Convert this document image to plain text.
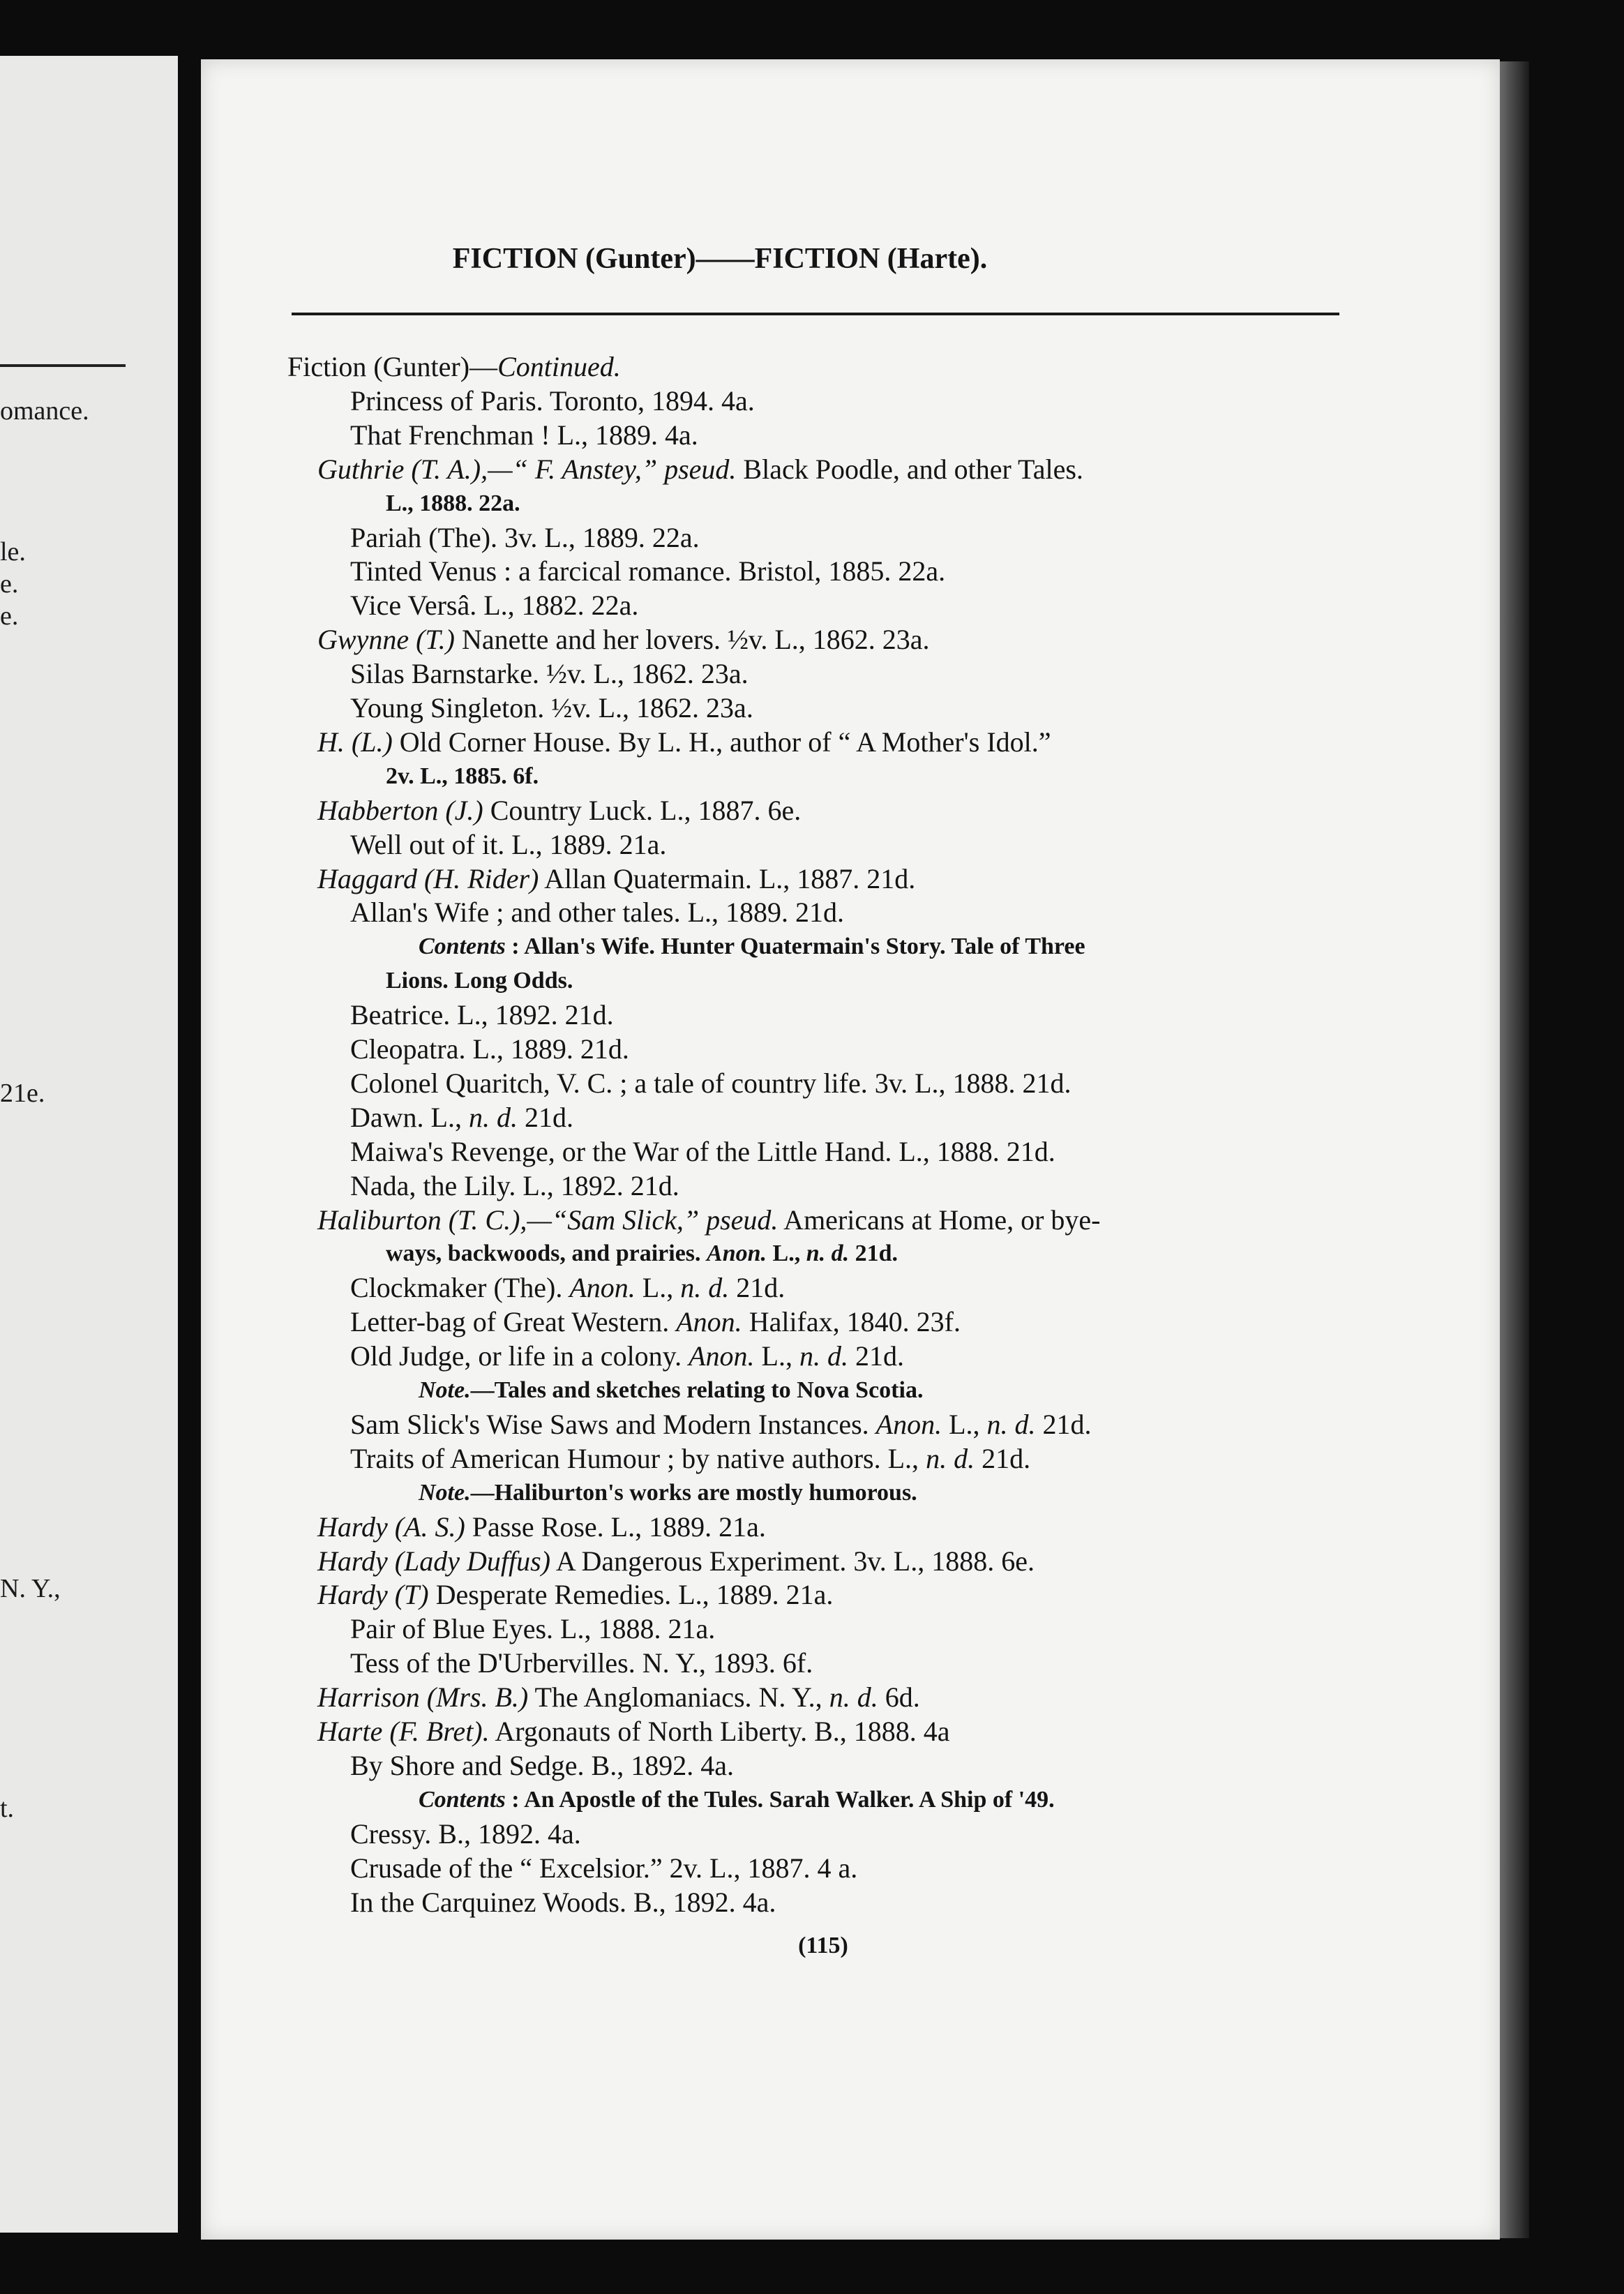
omance.
le.
e.
e.
21e.
N. Y.,
t.
FICTION (Gunter)——FICTION (Harte).
Fiction (Gunter)—Continued.
Princess of Paris. Toronto, 1894. 4a.
That Frenchman ! L., 1889. 4a.
Guthrie (T. A.),—“ F. Anstey,” pseud. Black Poodle, and other Tales.
L., 1888. 22a.
Pariah (The). 3v. L., 1889. 22a.
Tinted Venus : a farcical romance. Bristol, 1885. 22a.
Vice Versâ. L., 1882. 22a.
Gwynne (T.) Nanette and her lovers. ½v. L., 1862. 23a.
Silas Barnstarke. ½v. L., 1862. 23a.
Young Singleton. ½v. L., 1862. 23a.
H. (L.) Old Corner House. By L. H., author of “ A Mother's Idol.”
2v. L., 1885. 6f.
Habberton (J.) Country Luck. L., 1887. 6e.
Well out of it. L., 1889. 21a.
Haggard (H. Rider) Allan Quatermain. L., 1887. 21d.
Allan's Wife ; and other tales. L., 1889. 21d.
Contents : Allan's Wife. Hunter Quatermain's Story. Tale of Three
Lions. Long Odds.
Beatrice. L., 1892. 21d.
Cleopatra. L., 1889. 21d.
Colonel Quaritch, V. C. ; a tale of country life. 3v. L., 1888. 21d.
Dawn. L., n. d. 21d.
Maiwa's Revenge, or the War of the Little Hand. L., 1888. 21d.
Nada, the Lily. L., 1892. 21d.
Haliburton (T. C.),—“Sam Slick,” pseud. Americans at Home, or bye-
ways, backwoods, and prairies. Anon. L., n. d. 21d.
Clockmaker (The). Anon. L., n. d. 21d.
Letter-bag of Great Western. Anon. Halifax, 1840. 23f.
Old Judge, or life in a colony. Anon. L., n. d. 21d.
Note.—Tales and sketches relating to Nova Scotia.
Sam Slick's Wise Saws and Modern Instances. Anon. L., n. d. 21d.
Traits of American Humour ; by native authors. L., n. d. 21d.
Note.—Haliburton's works are mostly humorous.
Hardy (A. S.) Passe Rose. L., 1889. 21a.
Hardy (Lady Duffus) A Dangerous Experiment. 3v. L., 1888. 6e.
Hardy (T) Desperate Remedies. L., 1889. 21a.
Pair of Blue Eyes. L., 1888. 21a.
Tess of the D'Urbervilles. N. Y., 1893. 6f.
Harrison (Mrs. B.) The Anglomaniacs. N. Y., n. d. 6d.
Harte (F. Bret). Argonauts of North Liberty. B., 1888. 4a
By Shore and Sedge. B., 1892. 4a.
Contents : An Apostle of the Tules. Sarah Walker. A Ship of '49.
Cressy. B., 1892. 4a.
Crusade of the “ Excelsior.” 2v. L., 1887. 4 a.
In the Carquinez Woods. B., 1892. 4a.
(115)
